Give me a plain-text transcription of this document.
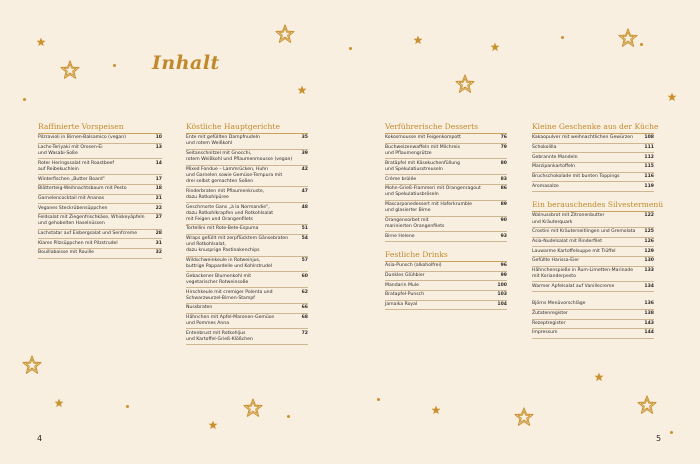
Inhalt
Raffinierte Vorspeisen
Pilzravioli in Birnen-Balsamico (vegan)	10
Lachs-Teriyaki mit Orosen-Ei
und Wasabi-Soße
13
Roter Heringssalat mit Roastbeef
auf Reibekuchlein
14
Winterfischen „Butter Board"	17
Blätterteig-Weihnachtsbaum mit Pesto	18
Garnelencocktail mit Ananas	21
Veganes Steckrübensüppchen	22
Feldsalat mit Ziegenfrischkäse, Whiskeyäpfeln
und gehobelten Haselnüssen
27
Lachstatar auf Eisbergsalat und Senfcreme	28
Klares Pilzsüppchen mit Pilzstrudel	31
Bouillabaisse mit Rouille	32
Köstliche Hauptgerichte
Ente mit gefüllten Dampfnudeln
und rotem Weißkohl
35
Seitanschnitzel mit Gnocchi,
rotem Weißkohl und Pflaumenmousse (vegan)
39
Mixed Fondue – Lammrücken, Huhn
und Garnelen sowie Gemüse-Tempura mit
drei selbst gemachten Soßen
42
Rinderbraten mit Pflaumenkruste,
dazu Rotkohlpüree
47
Geschmorte Gans „à la Normandie",
dazu Rotkohlkrapfen und Rotkohlsalat
mit Feigen und Orangenfilets
48
Tortellini mit Rote-Bete-Espuma	51
Wraps gefüllt mit zerpflücktem Gänsebraten
und Rotkohlsalat,
dazu knusprige Pastinakenchips
54
Wildschweinkeule in Rotweinjus,
buttrige Pappardelle und Kohlrstrudel
57
Gebackener Blumenkohl mit
vegetarischer Rotweinsoße
60
Hirschkeule mit cremiger Polenta und
Schwarzwurzel-Birnen-Stampf
62
Nussbraten	66
Hähnchen mit Apfel-Maronen-Gemüse
und Pommes Anna
68
Entenbrust mit Rotkohljus
und Kartoffel-Grieß-Klößchen
72
Verführerische Desserts
Kokosmousse mit Feigenkompott	76
Buchweizenwaffeln mit Milchreis
und Pflaumengrütze
79
Bratäpfel mit Käsekuchenfüllung
und Spekulatiusstreuseln
80
Crème brûlée	83
Mohn-Grieß-Flammeri mit Orangenragout
und Spekulatiusbröseln
86
Mascarponedessert mit Haferkrumble
und glasierter Birne
89
Orangensorbet mit
marinierten Orangenfilets
90
Birne Helene	93
Festliche Drinks
Asia-Punsch (alkoholfrei)	96
Dunkles Glühbier	99
Mandarin Mule	100
Bratapfel-Punsch	103
Jamaika Royal	104
Kleine Geschenke aus der Küche
Kakaopulver mit weihnachtlichen Gewürzen	108
Schokolilla	111
Gebrannte Mandeln	112
Marzipankartoffeln	115
Bruchschokolade mit bunten Toppings	116
Aromasalze	119
Ein berauschendes Silvestermenü
Walnussbrot mit Zitronenbutter
und Kräuterquark
122
Crostini mit Kräuterseitlingen und Gremolata	125
Asia-Nudelsalat mit Rinderfilet	126
Lauwarme Kartoffelsuppe mit Trüffel	129
Gefüllte Harissa-Eier	130
Hähnchenspieße in Rum-Limetten-Marinade
mit Korianderpesto
133
Warmer Apfelsalat auf Vanillecreme	134
Björns Menüvorschläge	136
Zutatenregister	138
Rezeptregister	143
Impressum	144
4	5
